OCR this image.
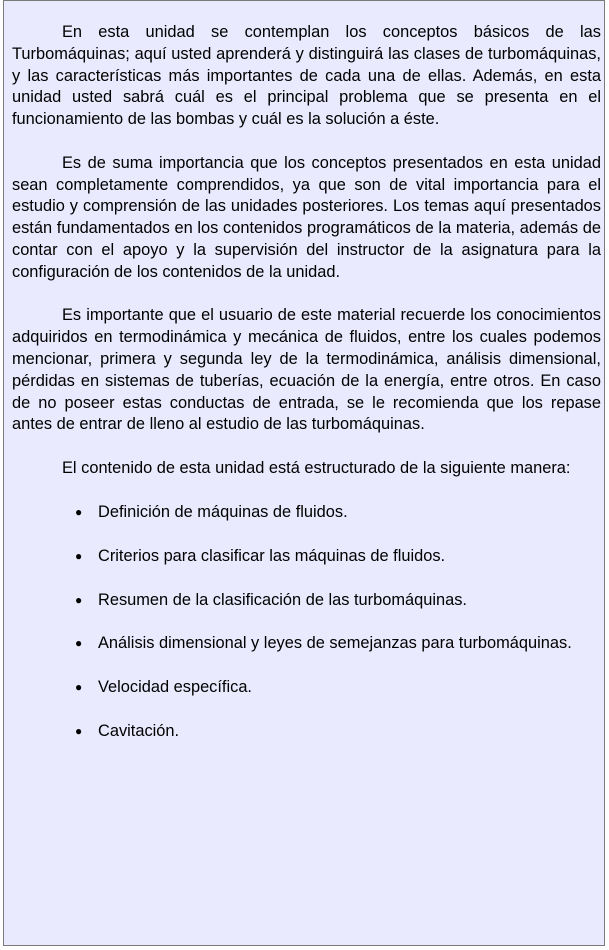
En esta unidad se contemplan los conceptos básicos de las Turbomáquinas; aquí usted aprenderá y distinguirá las clases de turbomáquinas, y las características más importantes de cada una de ellas. Además, en esta unidad usted sabrá cuál es el principal problema que se presenta en el funcionamiento de las bombas y cuál es la solución a éste.

Es de suma importancia que los conceptos presentados en esta unidad sean completamente comprendidos, ya que son de vital importancia para el estudio y comprensión de las unidades posteriores. Los temas aquí presentados están fundamentados en los contenidos programáticos de la materia, además de contar con el apoyo y la supervisión del instructor de la asignatura para la configuración de los contenidos de la unidad.

Es importante que el usuario de este material recuerde los conocimientos adquiridos en termodinámica y mecánica de fluidos, entre los cuales podemos mencionar, primera y segunda ley de la termodinámica, análisis dimensional, pérdidas en sistemas de tuberías, ecuación de la energía, entre otros. En caso de no poseer estas conductas de entrada, se le recomienda que los repase antes de entrar de lleno al estudio de las turbomáquinas.

El contenido de esta unidad está estructurado de la siguiente manera:

● Definición de máquinas de fluidos.
● Criterios para clasificar las máquinas de fluidos.
● Resumen de la clasificación de las turbomáquinas.
● Análisis dimensional y leyes de semejanzas para turbomáquinas.
● Velocidad específica.
● Cavitación.
